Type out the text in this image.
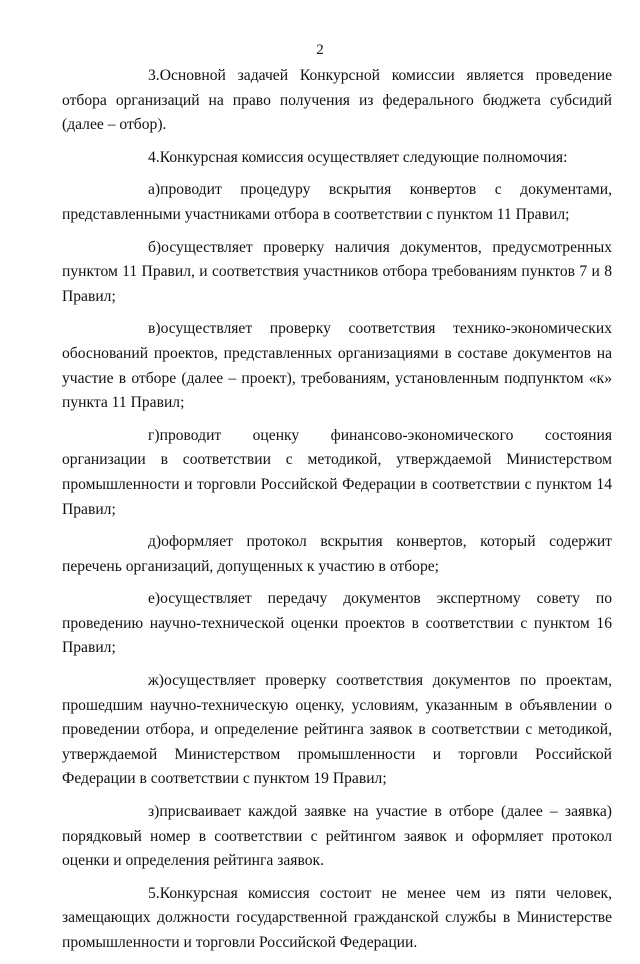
2

3.Основной задачей Конкурсной комиссии является проведение отбора организаций на право получения из федерального бюджета субсидий (далее – отбор).

4.Конкурсная комиссия осуществляет следующие полномочия:

а)проводит процедуру вскрытия конвертов с документами, представленными участниками отбора в соответствии с пунктом 11 Правил;

б)осуществляет проверку наличия документов, предусмотренных пунктом 11 Правил, и соответствия участников отбора требованиям пунктов 7 и 8 Правил;

в)осуществляет проверку соответствия технико-экономических обоснований проектов, представленных организациями в составе документов на участие в отборе (далее – проект), требованиям, установленным подпунктом «к» пункта 11 Правил;

г)проводит оценку финансово-экономического состояния организации в соответствии с методикой, утверждаемой Министерством промышленности и торговли Российской Федерации в соответствии с пунктом 14 Правил;

д)оформляет протокол вскрытия конвертов, который содержит перечень организаций, допущенных к участию в отборе;

е)осуществляет передачу документов экспертному совету по проведению научно-технической оценки проектов в соответствии с пунктом 16 Правил;

ж)осуществляет проверку соответствия документов по проектам, прошедшим научно-техническую оценку, условиям, указанным в объявлении о проведении отбора, и определение рейтинга заявок в соответствии с методикой, утверждаемой Министерством промышленности и торговли Российской Федерации в соответствии с пунктом 19 Правил;

з)присваивает каждой заявке на участие в отборе (далее – заявка) порядковый номер в соответствии с рейтингом заявок и оформляет протокол оценки и определения рейтинга заявок.

5.Конкурсная комиссия состоит не менее чем из пяти человек, замещающих должности государственной гражданской службы в Министерстве промышленности и торговли Российской Федерации.
